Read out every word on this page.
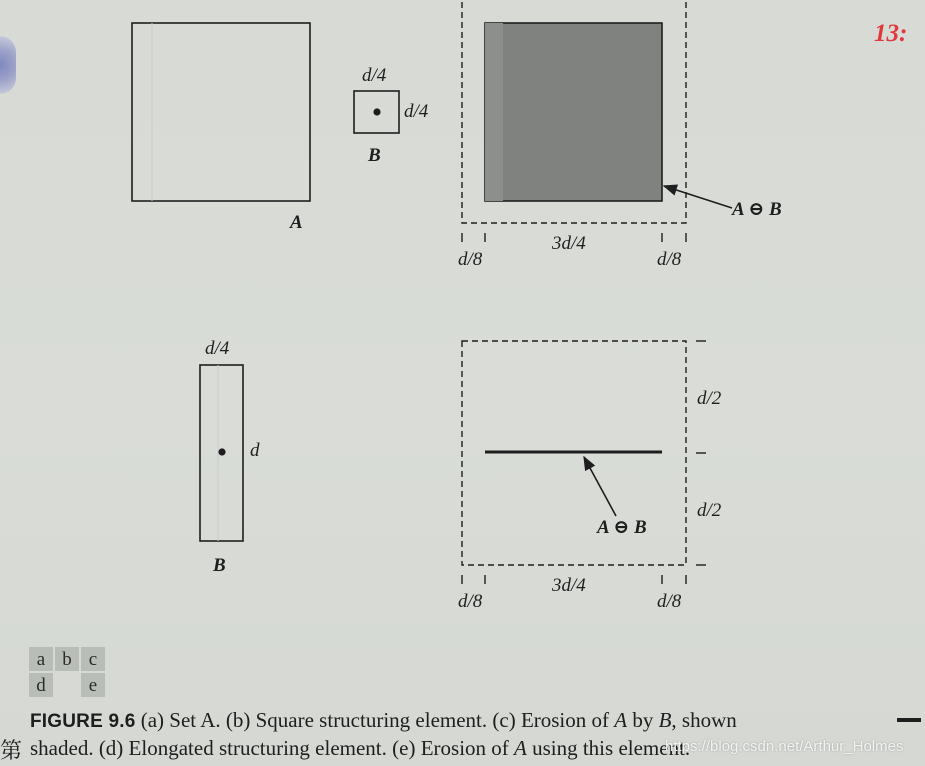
13:
A
d/4
d/4
B
A ⊖ B
d/8
3d/4
d/8
d/4
d
B
A ⊖ B
d/2
d/2
d/8
3d/4
d/8
a b c
d	e
FIGURE 9.6 (a) Set A. (b) Square structuring element. (c) Erosion of A by B, shown
shaded. (d) Elongated structuring element. (e) Erosion of A using this element.
第	https://blog.csdn.net/Arthur_Holmes
